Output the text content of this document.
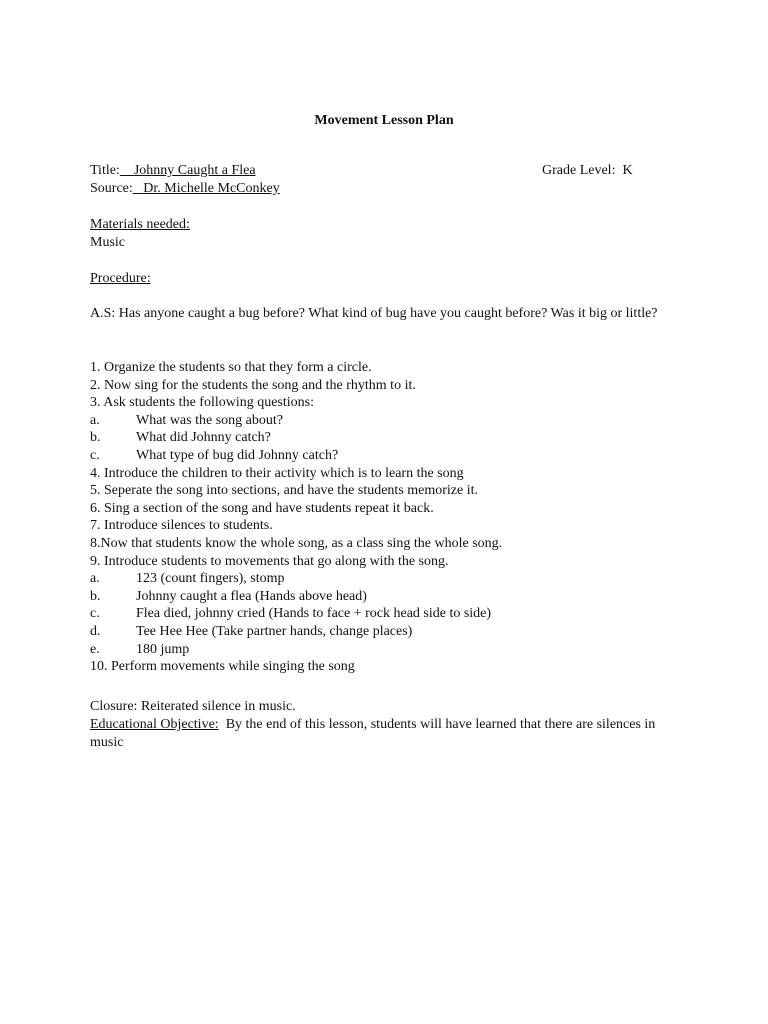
Movement Lesson Plan
Title: Johnny Caught a Flea	Grade Level: K
Source: Dr. Michelle McConkey
Materials needed:
Music
Procedure:
A.S: Has anyone caught a bug before? What kind of bug have you caught before? Was it big or little?
1. Organize the students so that they form a circle.
2. Now sing for the students the song and the rhythm to it.
3. Ask students the following questions:
a.	What was the song about?
b.	What did Johnny catch?
c.	What type of bug did Johnny catch?
4. Introduce the children to their activity which is to learn the song
5. Seperate the song into sections, and have the students memorize it.
6. Sing a section of the song and have students repeat it back.
7. Introduce silences to students.
8.Now that students know the whole song, as a class sing the whole song.
9. Introduce students to movements that go along with the song.
a.	123 (count fingers), stomp
b.	Johnny caught a flea (Hands above head)
c.	Flea died, johnny cried (Hands to face + rock head side to side)
d.	Tee Hee Hee (Take partner hands, change places)
e.	180 jump
10. Perform movements while singing the song
Closure: Reiterated silence in music.
Educational Objective: By the end of this lesson, students will have learned that there are silences in music
